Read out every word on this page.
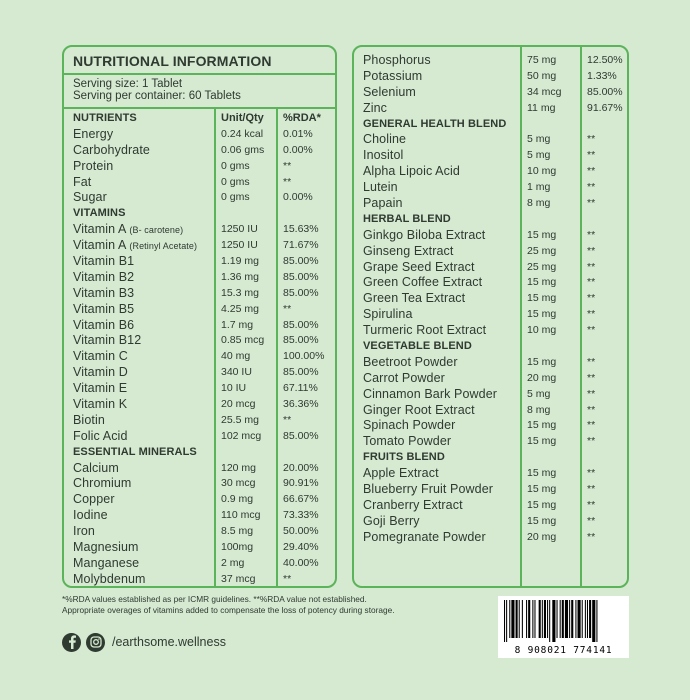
NUTRITIONAL INFORMATION
Serving size: 1 Tablet
Serving per container: 60 Tablets
NUTRIENTS	Unit/Qty %RDA*
Energy	0.24 kcal 0.01%
Carbohydrate	0.06 gms 0.00%
Protein	0 gms	**
Fat	0 gms	**
Sugar	0 gms	0.00%
VITAMINS
Vitamin A (B- carotene)	1250 IU 15.63%
Vitamin A (Retinyl Acetate) 1250 IU 71.67%
Vitamin B1	1.19 mg 85.00%
Vitamin B2	1.36 mg 85.00%
Vitamin B3	15.3 mg 85.00%
Vitamin B5	4.25 mg **
Vitamin B6	1.7 mg	85.00%
Vitamin B12	0.85 mcg 85.00%
Vitamin C	40 mg	100.00%
Vitamin D	340 IU	85.00%
Vitamin E	10 IU	67.11%
Vitamin K	20 mcg	36.36%
Biotin	25.5 mg **
Folic Acid	102 mcg 85.00%
ESSENTIAL MINERALS
Calcium	120 mg	20.00%
Chromium	30 mcg	90.91%
Copper	0.9 mg	66.67%
Iodine	110 mcg 73.33%
Iron	8.5 mg	50.00%
Magnesium	100mg	29.40%
Manganese	2 mg	40.00%
Molybdenum	37 mcg	**
Phosphorus	75 mg	12.50%
Potassium	50 mg	1.33%
Selenium	34 mcg 85.00%
Zinc	11 mg	91.67%
GENERAL HEALTH BLEND
Choline	5 mg	**
Inositol	5 mg	**
Alpha Lipoic Acid	10 mg	**
Lutein	1 mg	**
Papain	8 mg	**
HERBAL BLEND
Ginkgo Biloba Extract	15 mg	**
Ginseng Extract	25 mg	**
Grape Seed Extract	25 mg	**
Green Coffee Extract	15 mg	**
Green Tea Extract	15 mg	**
Spirulina	15 mg	**
Turmeric Root Extract	10 mg	**
VEGETABLE BLEND
Beetroot Powder	15 mg	**
Carrot Powder	20 mg	**
Cinnamon Bark Powder	5 mg	**
Ginger Root Extract	8 mg	**
Spinach Powder	15 mg	**
Tomato Powder	15 mg	**
FRUITS BLEND
Apple Extract	15 mg	**
Blueberry Fruit Powder	15 mg	**
Cranberry Extract	15 mg	**
Goji Berry	15 mg	**
Pomegranate Powder	20 mg	**
*%RDA values established as per ICMR guidelines. **%RDA value not established.
Appropriate overages of vitamins added to compensate the loss of potency during storage.
/earthsome.wellness
8 908021 774141
